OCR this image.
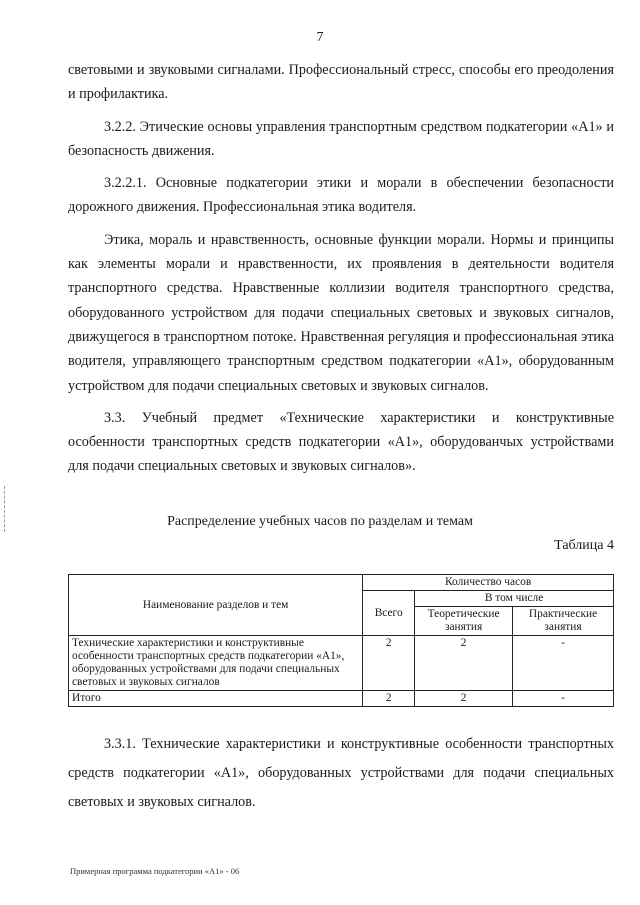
7

световыми и звуковыми сигналами. Профессиональный стресс, способы его преодоления и профилактика.

3.2.2. Этические основы управления транспортным средством подкатегории «А1» и безопасность движения.

3.2.2.1. Основные подкатегории этики и морали в обеспечении безопасности дорожного движения. Профессиональная этика водителя.

Этика, мораль и нравственность, основные функции морали. Нормы и принципы как элементы морали и нравственности, их проявления в деятельности водителя транспортного средства. Нравственные коллизии водителя транспортного средства, оборудованного устройством для подачи специальных световых и звуковых сигналов, движущегося в транспортном потоке. Нравственная регуляция и профессиональная этика водителя, управляющего транспортным средством подкатегории «А1», оборудованным устройством для подачи специальных световых и звуковых сигналов.

3.3. Учебный предмет «Технические характеристики и конструктивные особенности транспортных средств подкатегории «А1», оборудованчых устройствами для подачи специальных световых и звуковых сигналов».

Распределение учебных часов по разделам и темам
Таблица 4
Наименование разделов и тем	Количество часов		
	Всего	В том числе	
		Теоретические занятия	Практические занятия
Технические характеристики и конструктивные особенности транспортных средств подкатегории «А1», оборудованных устройствами для подачи специальных световых и звуковых сигналов	2	2	-
Итого	2	2	-

3.3.1. Технические характеристики и конструктивные особенности транспортных средств подкатегории «А1», оборудованных устройствами для подачи специальных световых и звуковых сигналов.

Примерная программа подкатегории «А1» - 06
